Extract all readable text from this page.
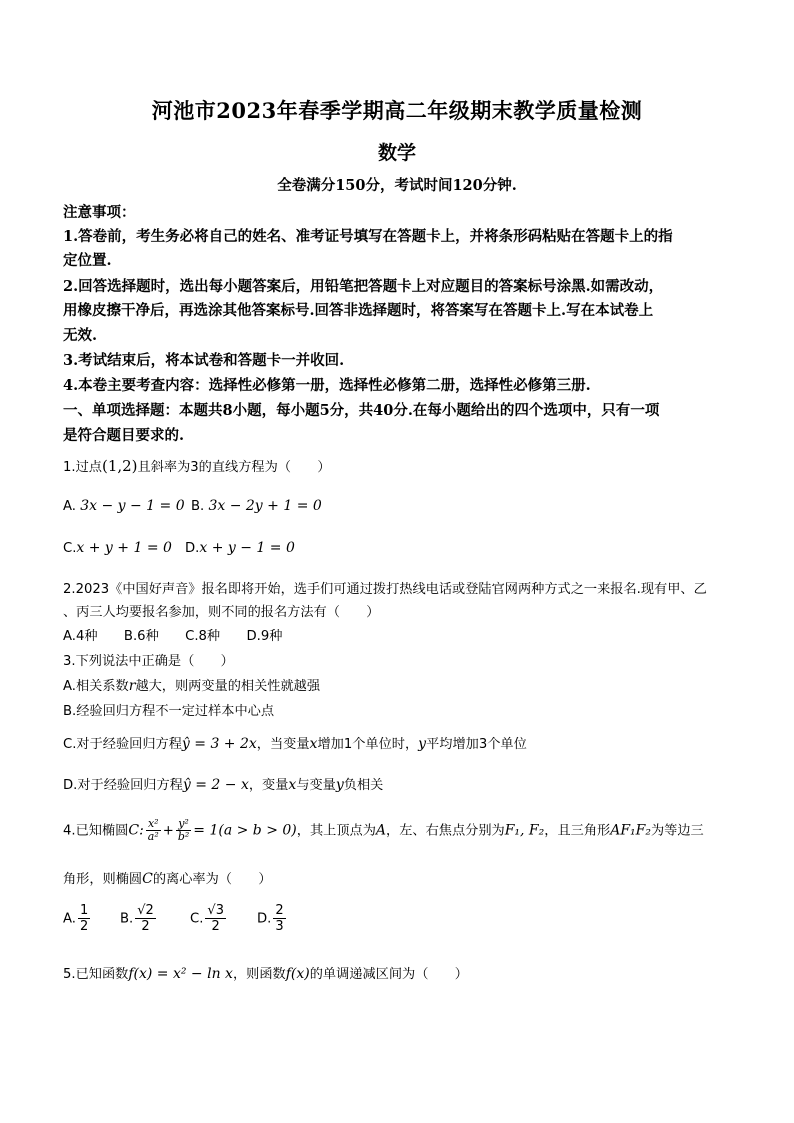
河池市2023年春季学期高二年级期末教学质量检测
数学
全卷满分150分，考试时间120分钟.
注意事项：
1.答卷前，考生务必将自己的姓名、准考证号填写在答题卡上，并将条形码粘贴在答题卡上的指
定位置.
2.回答选择题时，选出每小题答案后，用铅笔把答题卡上对应题目的答案标号涂黑.如需改动，
用橡皮擦干净后，再选涂其他答案标号.回答非选择题时，将答案写在答题卡上.写在本试卷上
无效.
3.考试结束后，将本试卷和答题卡一并收回.
4.本卷主要考查内容：选择性必修第一册，选择性必修第二册，选择性必修第三册.
一、单项选择题：本题共8小题，每小题5分，共40分.在每小题给出的四个选项中，只有一项
是符合题目要求的.
1.过点(1,2)且斜率为3的直线方程为（　　）
A. 3x − y − 1 = 0 B. 3x − 2y + 1 = 0
C.x + y + 1 = 0 D.x + y − 1 = 0
2.2023《中国好声音》报名即将开始，选手们可通过拨打热线电话或登陆官网两种方式之一来报名.现有甲、乙
、丙三人均要报名参加，则不同的报名方法有（　　）
A.4种　　B.6种　　C.8种　　D.9种
3.下列说法中正确是（　　）
A.相关系数r越大，则两变量的相关性就越强
B.经验回归方程不一定过样本中心点
C.对于经验回归方程ŷ = 3 + 2x，当变量x增加1个单位时，y平均增加3个单位
D.对于经验回归方程ŷ = 2 − x，变量x与变量y负相关
4.已知椭圆C: $\frac{\text{x²}}{\text{a²}} + \frac{\text{y²}}{\text{b²}} = 1(a > b > 0)$，其上顶点为A，左、右焦点分别为F₁, F₂，且三角形AF₁F₂为等边三
角形，则椭圆C的离心率为（　　）
A. $\frac{1}{2} B$. $\frac{√2}{2}$	C. $\frac{√3}{2} D$. $\frac{2}{3}$
5.已知函数f(x) = x² − ln x，则函数f(x)的单调递减区间为（　　）
